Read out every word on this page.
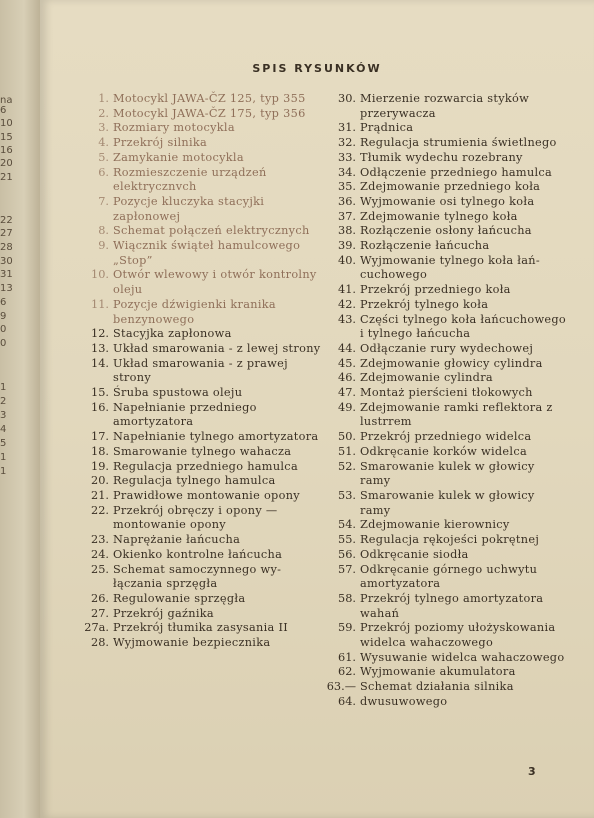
na
6
10
15
16
20
21
22
27
28
30
31
13
6
9
0
0
1
2
3
4
5
1
1
SPIS RYSUNKÓW
1. Motocykl JAWA-ČZ 125, typ 355
2. Motocykl JAWA-ČZ 175, typ 356
3. Rozmiary motocykla
4. Przekrój silnika
5. Zamykanie motocykla
6. Rozmieszczenie urządzeń elektrycznvch
7. Pozycje kluczyka stacyjki zapłonowej
8. Schemat połączeń elektrycznych
9. Wiącznik świąteł hamulcowego „Stop”
10. Otwór wlewowy i otwór kontrolny oleju
11. Pozycje dźwigienki kranika benzynowego
12. Stacyjka zapłonowa
13. Układ smarowania - z lewej strony
14. Układ smarowania - z prawej strony
15. Śruba spustowa oleju
16. Napełnianie przedniego amortyzatora
17. Napełnianie tylnego amortyzatora
18. Smarowanie tylnego wahacza
19. Regulacja przedniego hamulca
20. Regulacja tylnego hamulca
21. Prawidłowe montowanie opony
22. Przekrój obręczy i opony — montowanie opony
23. Naprężanie łańcucha
24. Okienko kontrolne łańcucha
25. Schemat samoczynnego wy-łączania sprzęgła
26. Regulowanie sprzęgła
27. Przekrój gaźnika
27a. Przekrój tłumika zasysania II
28. Wyjmowanie bezpiecznika
30. Mierzenie rozwarcia styków przerywacza
31. Prądnica
32. Regulacja strumienia świetlnego
33. Tłumik wydechu rozebrany
34. Odłączenie przedniego hamulca
35. Zdejmowanie przedniego koła
36. Wyjmowanie osi tylnego koła
37. Zdejmowanie tylnego koła
38. Rozłączenie osłony łańcucha
39. Rozłączenie łańcucha
40. Wyjmowanie tylnego koła łań-cuchowego
41. Przekrój przedniego koła
42. Przekrój tylnego koła
43. Części tylnego koła łańcuchowego i tylnego łańcucha
44. Odłączanie rury wydechowej
45. Zdejmowanie głowicy cylindra
46. Zdejmowanie cylindra
47. Montaż pierścieni tłokowych
49. Zdejmowanie ramki reflektora z lustrrem
50. Przekrój przedniego widelca
51. Odkręcanie korków widelca
52. Smarowanie kulek w głowicy ramy
53. Smarowanie kulek w głowicy ramy
54. Zdejmowanie kierownicy
55. Regulacja rękojeści pokrętnej
56. Odkręcanie siodła
57. Odkręcanie górnego uchwytu amortyzatora
58. Przekrój tylnego amortyzatora wahań
59. Przekrój poziomy ułożyskowania widelca wahaczowego
61. Wysuwanie widelca wahaczowego
62. Wyjmowanie akumulatora
63.—64.
Schemat działania silnika dwusuwowego
3
